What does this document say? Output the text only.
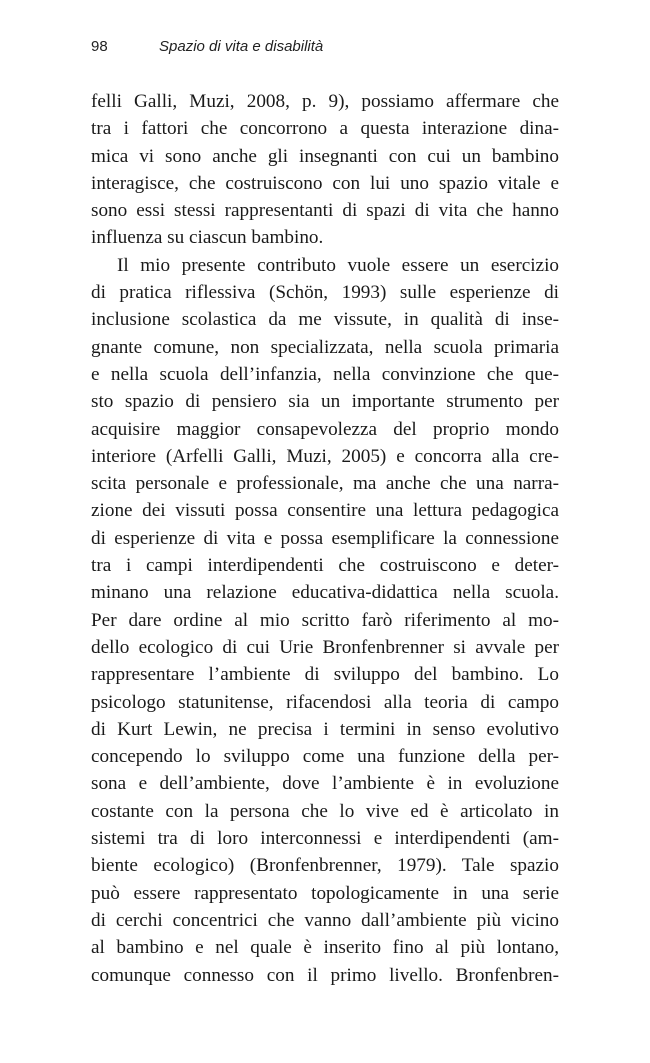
98	Spazio di vita e disabilità
felli Galli, Muzi, 2008, p. 9), possiamo affermare che
tra i fattori che concorrono a questa interazione dina-
mica vi sono anche gli insegnanti con cui un bambino
interagisce, che costruiscono con lui uno spazio vitale e
sono essi stessi rappresentanti di spazi di vita che hanno
influenza su ciascun bambino.
Il mio presente contributo vuole essere un esercizio
di pratica riflessiva (Schön, 1993) sulle esperienze di
inclusione scolastica da me vissute, in qualità di inse-
gnante comune, non specializzata, nella scuola primaria
e nella scuola dell’infanzia, nella convinzione che que-
sto spazio di pensiero sia un importante strumento per
acquisire maggior consapevolezza del proprio mondo
interiore (Arfelli Galli, Muzi, 2005) e concorra alla cre-
scita personale e professionale, ma anche che una narra-
zione dei vissuti possa consentire una lettura pedagogica
di esperienze di vita e possa esemplificare la connessione
tra i campi interdipendenti che costruiscono e deter-
minano una relazione educativa-didattica nella scuola.
Per dare ordine al mio scritto farò riferimento al mo-
dello ecologico di cui Urie Bronfenbrenner si avvale per
rappresentare l’ambiente di sviluppo del bambino. Lo
psicologo statunitense, rifacendosi alla teoria di campo
di Kurt Lewin, ne precisa i termini in senso evolutivo
concependo lo sviluppo come una funzione della per-
sona e dell’ambiente, dove l’ambiente è in evoluzione
costante con la persona che lo vive ed è articolato in
sistemi tra di loro interconnessi e interdipendenti (am-
biente ecologico) (Bronfenbrenner, 1979). Tale spazio
può essere rappresentato topologicamente in una serie
di cerchi concentrici che vanno dall’ambiente più vicino
al bambino e nel quale è inserito fino al più lontano,
comunque connesso con il primo livello. Bronfenbren-
